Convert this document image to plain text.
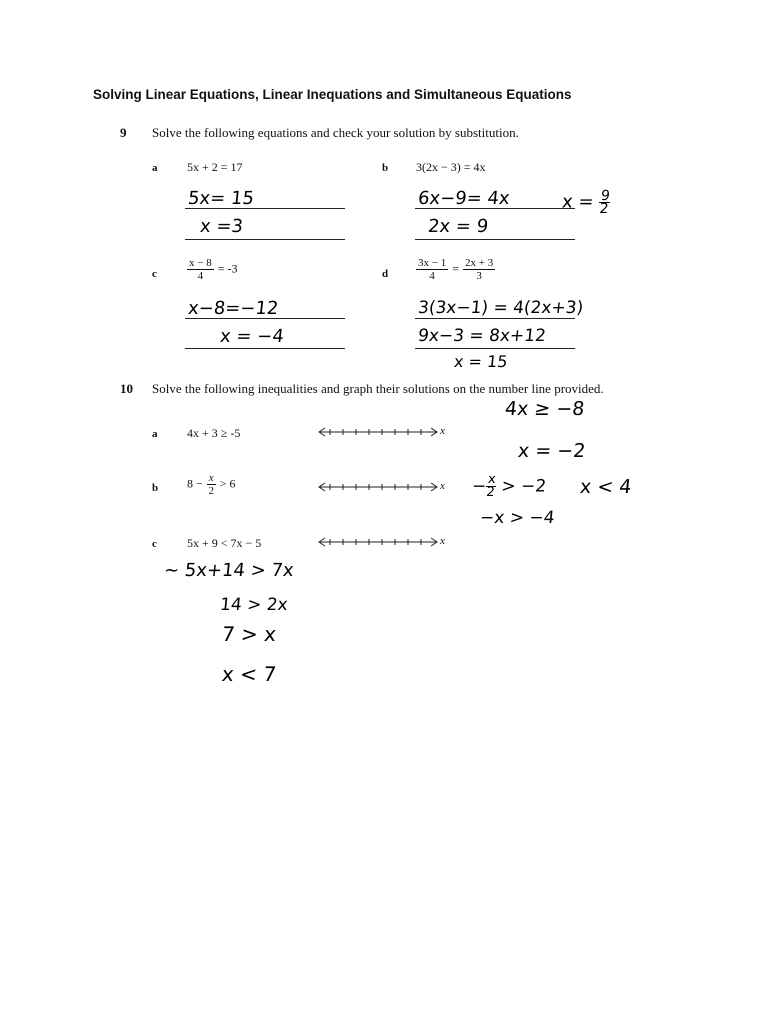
Solving Linear Equations, Linear Inequations and Simultaneous Equations
9 Solve the following equations and check your solution by substitution.
a 5x + 2 = 17
5x= 15
x =3
b 3(2x − 3) = 4x
6x−9= 4x
2x = 9
$x = \frac{9}{2}$
c	$\frac{x - 8}{4} = -3$
x−8=−12
x = −4
d	$\frac{3x - 1}{4} = \frac{2x + 3}{3}$
3(3x−1) = 4(2x+3)
9x−3 = 8x+12
x = 15
10 Solve the following inequalities and graph their solutions on the number line provided.
a 4x + 3 ≥ -5	x
4x ≥ −8
x = −2
b $8 - \frac{x}{2} > 6$	x −
$\frac{x}{2} > -2$ x < 4
−x > −4
c	5x + 9 < 7x − 5	x
∼ 5x+14 > 7x
14 > 2x
7 > x
x < 7
